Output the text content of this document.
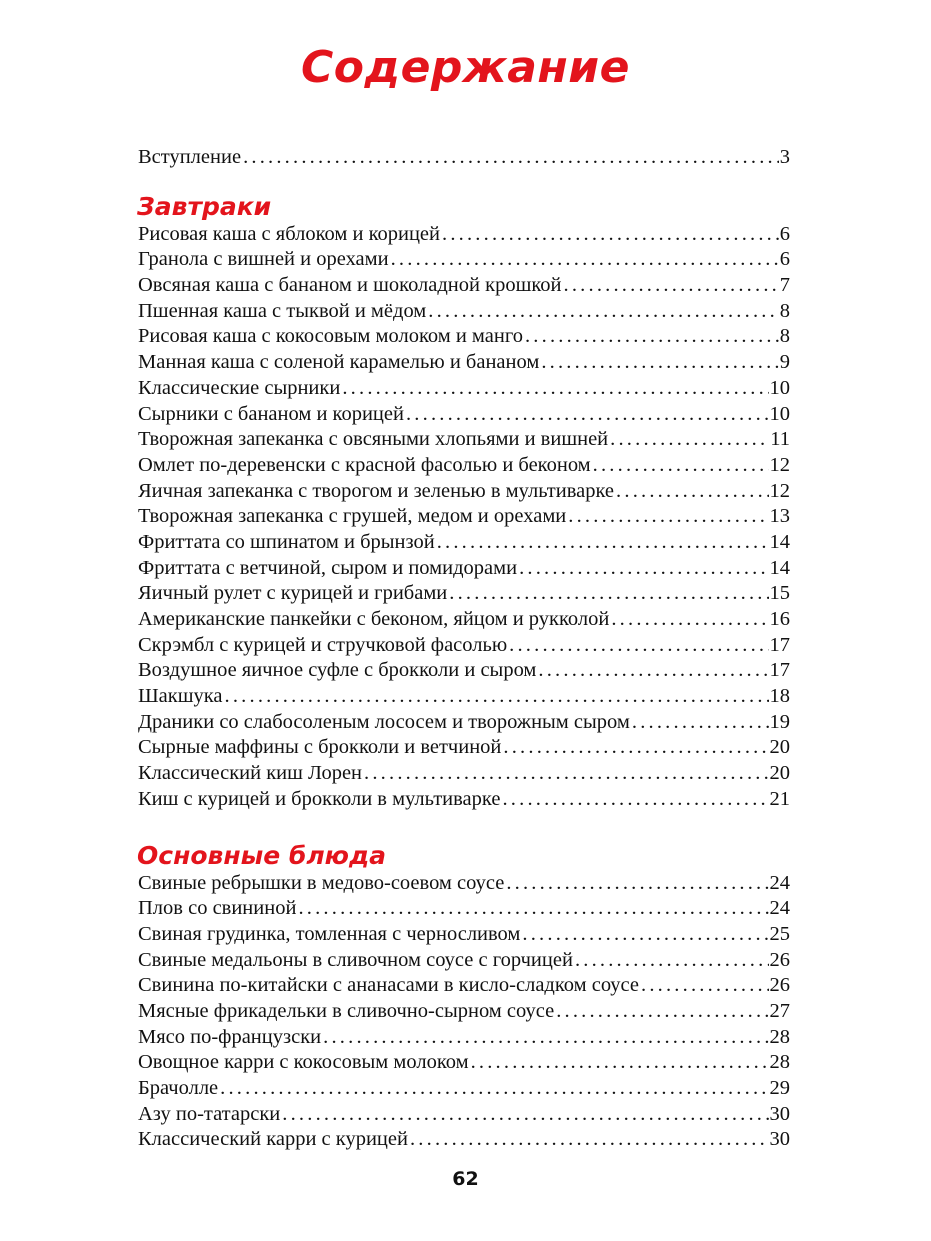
Содержание
Вступление .....	3
Завтраки
Рисовая каша с яблоком и корицей .....	6
Гранола с вишней и орехами .....	6
Овсяная каша с бананом и шоколадной крошкой .....	7
Пшенная каша с тыквой и мёдом .....	8
Рисовая каша с кокосовым молоком и манго .....	8
Манная каша с соленой карамелью и бананом .....	9
Классические сырники .....	10
Сырники с бананом и корицей .....	10
Творожная запеканка с овсяными хлопьями и вишней .....	11
Омлет по-деревенски с красной фасолью и беконом .....	12
Яичная запеканка с творогом и зеленью в мультиварке .....	12
Творожная запеканка с грушей, медом и орехами .....	13
Фриттата со шпинатом и брынзой .....	14
Фриттата с ветчиной, сыром и помидорами .....	14
Яичный рулет с курицей и грибами .....	15
Американские панкейки с беконом, яйцом и рукколой .....	16
Скрэмбл с курицей и стручковой фасолью .....	17
Воздушное яичное суфле с брокколи и сыром .....	17
Шакшука .....	18
Драники со слабосоленым лососем и творожным сыром .....	19
Сырные маффины с брокколи и ветчиной .....	20
Классический киш Лорен .....	20
Киш с курицей и брокколи в мультиварке .....	21
Основные блюда
Свиные ребрышки в медово-соевом соусе .....	24
Плов со свининой .....	24
Свиная грудинка, томленная с черносливом .....	25
Свиные медальоны в сливочном соусе с горчицей .....	26
Свинина по-китайски с ананасами в кисло-сладком соусе .....	26
Мясные фрикадельки в сливочно-сырном соусе .....	27
Мясо по-французски .....	28
Овощное карри с кокосовым молоком .....	28
Брачолле .....	29
Азу по-татарски .....	30
Классический карри с курицей .....	30
62
